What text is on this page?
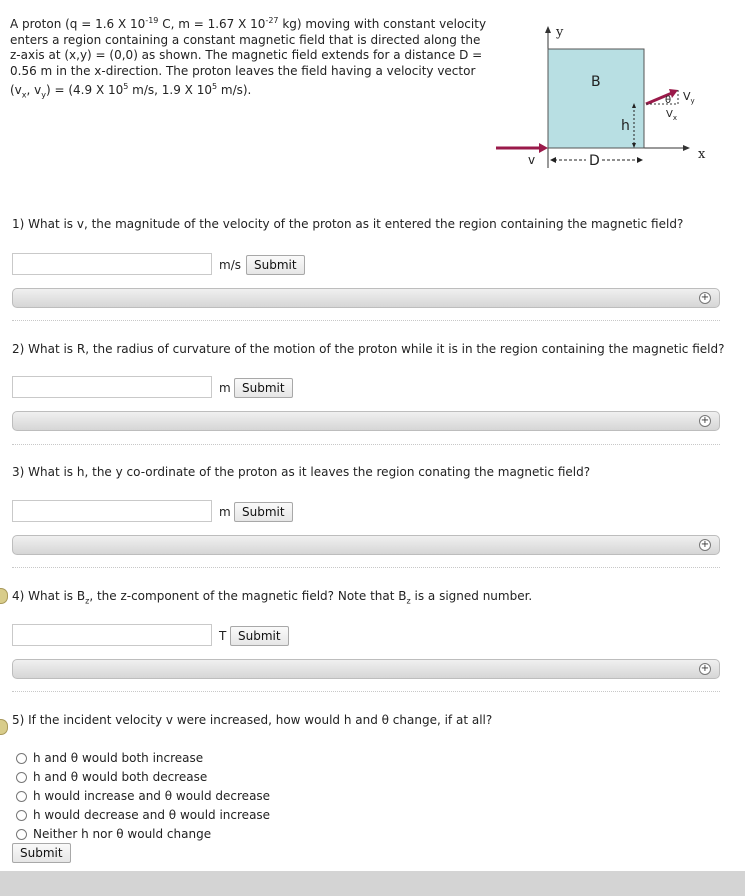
A proton (q = 1.6 X $10^{-19}$ C, m = 1.67 X $10^{-27}$ kg) moving with constant velocity enters a region containing a constant magnetic field that is directed along the z-axis at (x,y) = (0,0) as shown. The magnetic field extends for a distance D = 0.56 m in the x-direction. The proton leaves the field having a velocity vector ($v_x$, $v_y) = (4.9$ X $10^5$ m/s, 1.9 X $10^5$ m/s).
y
x
B
h
v	D
θ
$V_x$
$V_y$
1) What is v, the magnitude of the velocity of the proton as it entered the region containing the magnetic field?
m/s	Submit
+
2) What is R, the radius of curvature of the motion of the proton while it is in the region containing the magnetic field?
m Submit
+
3) What is h, the y co-ordinate of the proton as it leaves the region conating the magnetic field?
m Submit
+
4) What is $B_z$, the z-component of the magnetic field? Note that $B_z$ is a signed number.
T Submit
+
5) If the incident velocity v were increased, how would h and θ change, if at all?
h and θ would both increase
h and θ would both decrease
h would increase and θ would decrease
h would decrease and θ would increase
Neither h nor θ would change
Submit
